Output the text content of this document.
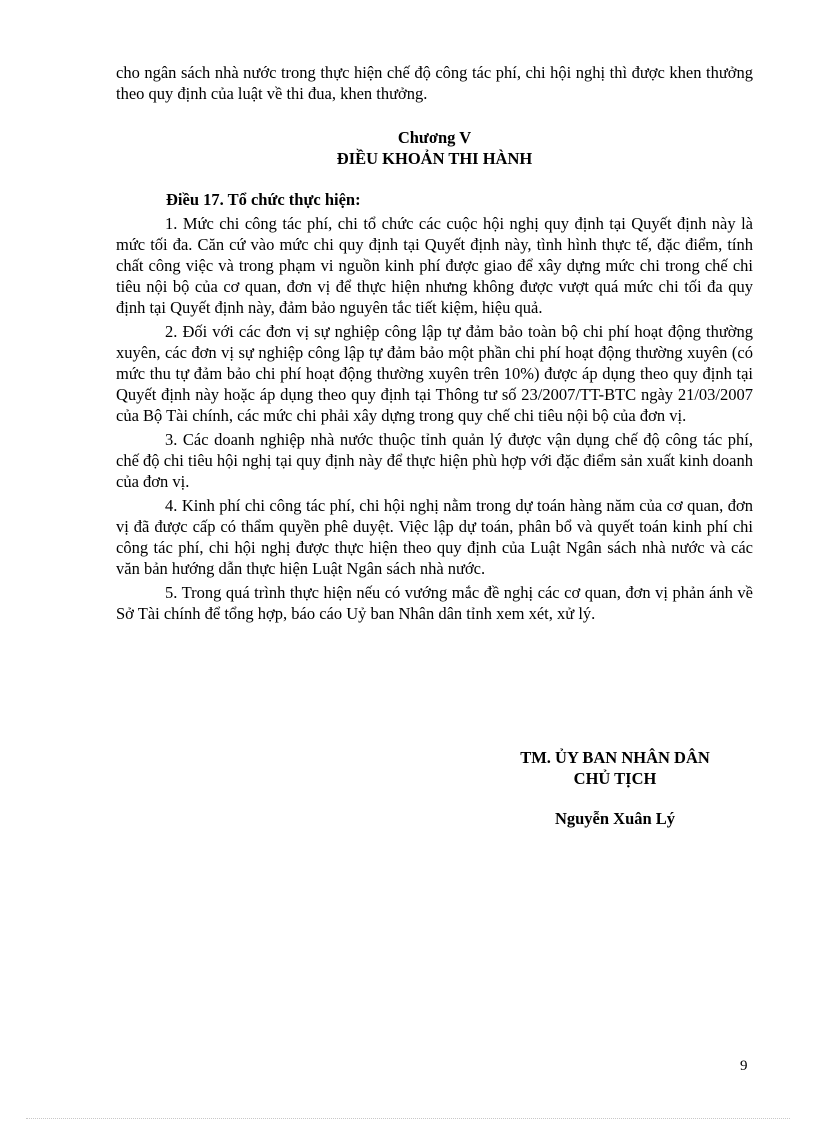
cho ngân sách nhà nước trong thực hiện chế độ công tác phí, chi hội nghị thì được khen thưởng theo quy định của luật về thi đua, khen thưởng.

Chương V
ĐIỀU KHOẢN THI HÀNH

Điều 17. Tổ chức thực hiện:

1. Mức chi công tác phí, chi tổ chức các cuộc hội nghị quy định tại Quyết định này là mức tối đa. Căn cứ vào mức chi quy định tại Quyết định này, tình hình thực tế, đặc điểm, tính chất công việc và trong phạm vi nguồn kinh phí được giao để xây dựng mức chi trong chế chi tiêu nội bộ của cơ quan, đơn vị để thực hiện nhưng không được vượt quá mức chi tối đa quy định tại Quyết định này, đảm bảo nguyên tắc tiết kiệm, hiệu quả.

2. Đối với các đơn vị sự nghiệp công lập tự đảm bảo toàn bộ chi phí hoạt động thường xuyên, các đơn vị sự nghiệp công lập tự đảm bảo một phần chi phí hoạt động thường xuyên (có mức thu tự đảm bảo chi phí hoạt động thường xuyên trên 10%) được áp dụng theo quy định tại Quyết định này hoặc áp dụng theo quy định tại Thông tư số 23/2007/TT-BTC ngày 21/03/2007 của Bộ Tài chính, các mức chi phải xây dựng trong quy chế chi tiêu nội bộ của đơn vị.

3. Các doanh nghiệp nhà nước thuộc tỉnh quản lý được vận dụng chế độ công tác phí, chế độ chi tiêu hội nghị tại quy định này để thực hiện phù hợp với đặc điểm sản xuất kinh doanh của đơn vị.

4. Kinh phí chi công tác phí, chi hội nghị nằm trong dự toán hàng năm của cơ quan, đơn vị đã được cấp có thẩm quyền phê duyệt. Việc lập dự toán, phân bổ và quyết toán kinh phí chi công tác phí, chi hội nghị được thực hiện theo quy định của Luật Ngân sách nhà nước và các văn bản hướng dẫn thực hiện Luật Ngân sách nhà nước.

5. Trong quá trình thực hiện nếu có vướng mắc đề nghị các cơ quan, đơn vị phản ánh về Sở Tài chính để tổng hợp, báo cáo Uỷ ban Nhân dân tỉnh xem xét, xử lý.

TM. ỦY BAN NHÂN DÂN
CHỦ TỊCH
Nguyễn Xuân Lý
9
